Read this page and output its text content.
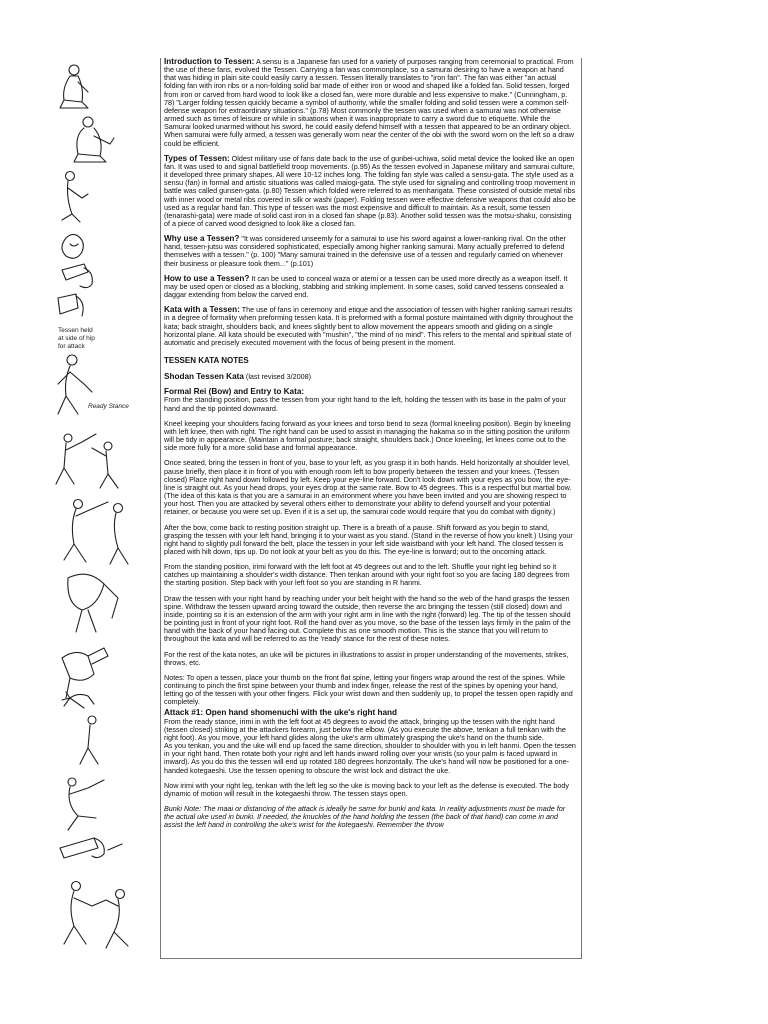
Tessen held
at side of hip
for attack
Ready Stance

Introduction to Tessen: A sensu is a Japanese fan used for a variety of purposes ranging from ceremonial to practical. From the use of these fans, evolved the Tessen. Carrying a fan was commonplace, so a samurai desiring to have a weapon at hand that was hiding in plain site could easily carry a tessen. Tessen literally translates to "iron fan". The fan was either "an actual folding fan with iron ribs or a non-folding solid bar made of either iron or wood and shaped like a folded fan. Solid tessen, forged from iron or carved from hard wood to look like a closed fan, were more durable and less expensive to make." (Cunningham, p. 78) "Larger folding tessen quickly became a symbol of authority, while the smaller folding and solid tessen were a common self-defense weapon for extraordinary situations." (p.78) Most commonly the tessen was used when a samurai was not otherwise armed such as times of leisure or while in situations when it was inappropriate to carry a sword due to etiquette. While the Samurai looked unarmed without his sword, he could easily defend himself with a tessen that appeared to be an ordinary object. When samurai were fully armed, a tessen was generally worn near the center of the obi with the sword worn on the left so a draw could be efficient.

Types of Tessen: Oldest military use of fans date back to the use of gunbei-uchiwa, solid metal device the looked like an open fan. It was used to and signal battlefield troop movements. (p.95) As the tessen evolved in Japanese military and samurai culture, it developed three primary shapes. All were 10-12 inches long. The folding fan style was called a sensu-gata. The style used as a sensu (fan) in formal and artistic situations was called maiogi-gata. The style used for signaling and controlling troop movement in battle was called gunsen-gata. (p.80) Tessen which folded were referred to as menharigata. These consisted of outside metal ribs with inner wood or metal ribs covered in silk or washi (paper). Folding tessen were effective defensive weapons that could also be used as a regular hand fan. This type of tessen was the most expensive and difficult to maintain. As a result, some tessen (tenarashi-gata) were made of solid cast iron in a closed fan shape (p.83). Another solid tessen was the motsu-shaku, consisting of a piece of carved wood designed to look like a closed fan.

Why use a Tessen? "It was considered unseemly for a samurai to use his sword against a lower-ranking rival. On the other hand, tessen-jutsu was considered sophisticated, especially among higher ranking samurai. Many actually preferred to defend themselves with a tessen." (p. 100) "Many samurai trained in the defensive use of a tessen and regularly carried on whenever their business or pleasure took them..." (p.101)

How to use a Tessen? It can be used to conceal waza or atemi or a tessen can be used more directly as a weapon itself. It may be used open or closed as a blocking, stabbing and striking implement. In some cases, solid carved tessens consealed a daggar extending from below the carved end.

Kata with a Tessen: The use of fans in ceremony and etique and the association of tessen with higher ranking samuri results in a degree of formality when preforming tessen kata. It is preformed with a formal posture maintained with dignity throughout the kata; back straight, shoulders back, and knees slightly bent to allow movement the appears smooth and gliding on a single horizontal plane. All kata should be executed with "mushin", "the mind of no mind". This refers to the mental and spiritual state of automatic and precisely executed movement with the focus of being present in the moment.

TESSEN KATA NOTES

Shodan Tessen Kata (last revised 3/2008)

Formal Rei (Bow) and Entry to Kata:

From the standing position, pass the tessen from your right hand to the left, holding the tessen with its base in the palm of your hand and the tip pointed downward.

Kneel keeping your shoulders facing forward as your knees and torso bend to seza (formal kneeling position). Begin by kneeling with left knee, then with right. The right hand can be used to assist in managing the hakama so in the sitting position the uniform will be tidy in appearance. (Maintain a formal posture; back straight, shoulders back.) Once kneeling, let knees come out to the side more fully for a more solid base and formal appearance.

Once seated, bring the tessen in front of you, base to your left, as you grasp it in both hands. Held horizontally at shoulder level, pause briefly, then place it in front of you with enough room left to bow properly between the tessen and your knees. (Tessen closed) Place right hand down followed by left. Keep your eye-line forward. Don't look down with your eyes as you bow, the eye-line is straight out. As your head drops, your eyes drop at the same rate. Bow to 45 degrees. This is a respectful but martial bow. (The idea of this kata is that you are a samurai in an environment where you have been invited and you are showing respect to your host. Then you are attacked by several others either to demonstrate your ability to defend yourself and your potential retainer, or because you were set up. Even if it is a set up, the samurai code would require that you do combat with dignity.)

After the bow, come back to resting position straight up. There is a breath of a pause. Shift forward as you begin to stand, grasping the tessen with your left hand, bringing it to your waist as you stand. (Stand in the reverse of how you knelt.) Using your right hand to slightly pull forward the belt, place the tessen in your left side waistband with your left hand. The closed tessen is placed with hilt down, tips up. Do not look at your belt as you do this. The eye-line is forward; out to the oncoming attack.

From the standing position, irimi forward with the left foot at 45 degrees out and to the left. Shuffle your right leg behind so it catches up maintaining a shoulder's width distance. Then tenkan around with your right foot so you are facing 180 degrees from the starting position. Step back with your left foot so you are standing in R hanmi.

Draw the tessen with your right hand by reaching under your belt height with the hand so the web of the hand grasps the tessen spine. Withdraw the tessen upward arcing toward the outside, then reverse the arc bringing the tessen (still closed) down and inside, pointing so it is an extension of the arm with your right arm in line with the right (forward) leg. The tip of the tessen should be pointing just in front of your right foot. Roll the hand over as you move, so the base of the tessen lays firmly in the palm of the hand with the back of your hand facing out. Complete this as one smooth motion. This is the stance that you will return to throughout the kata and will be referred to as the 'ready' stance for the rest of these notes.

For the rest of the kata notes, an uke will be pictures in illustrations to assist in proper understanding of the movements, strikes, throws, etc.

Notes: To open a tessen, place your thumb on the front flat spine, letting your fingers wrap around the rest of the spines. While continuing to pinch the first spine between your thumb and index finger, release the rest of the spines by opening your hand, letting go of the tessen with your other fingers. Flick your wrist down and then suddenly up, to propel the tessen open rapidly and completely.

Attack #1: Open hand shomenuchi with the uke's right hand

From the ready stance, irimi in with the left foot at 45 degrees to avoid the attack, bringing up the tessen with the right hand (tessen closed) striking at the attackers forearm, just below the elbow. (As you execute the above, tenkan a full tenkan with the right foot). As you move, your left hand glides along the uke's arm ultimately grasping the uke's hand on the thumb side.

As you tenkan, you and the uke will end up faced the same direction, shoulder to shoulder with you in left hanmi. Open the tessen in your right hand. Then rotate both your right and left hands inward rolling over your wrists (so your palm is faced upward in inward). As you do this the tessen will end up rotated 180 degrees horizontally. The uke's hand will now be positioned for a one-handed kotegaeshi. Use the tessen opening to obscure the wrist lock and distract the uke.

Now irimi with your right leg, tenkan with the left leg so the uke is moving back to your left as the defense is executed. The body dynamic of motion will result in the kotegaeshi throw. The tessen stays open.

Bunki Note: The maai or distancing of the attack is ideally he same for bunki and kata. In reality adjustments must be made for the actual uke used in bunki. If needed, the knuckles of the hand holding the tessen (the back of that hand) can come in and assist the left hand in controlling the uke's wrist for the kotegaeshi. Remember the throw
